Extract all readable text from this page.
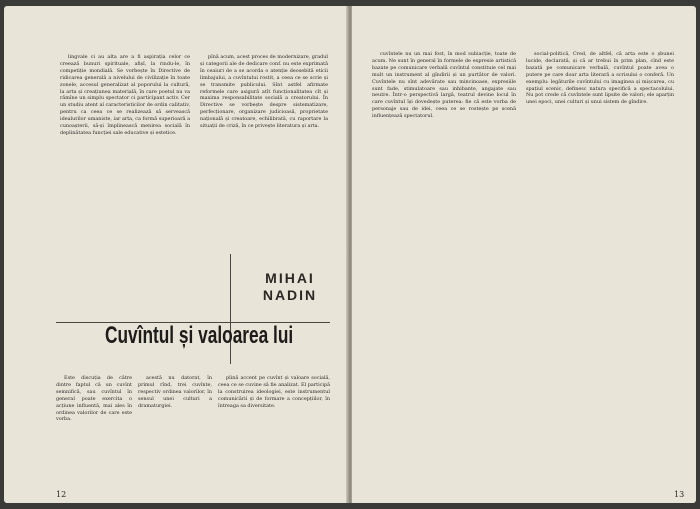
lingvale ci au alta are a fi aspirația celor ce creează bunuri spirituale, afișî, la rindu-le, în competiție mondială. Se vorbește în Directive de ridicarea generală a nivelului de civilizație în toate zonele, accesul generalizat al poporului la cultură, la arta și creațiunea materială, în care poetul nu va rămîne un simplu spectator ci participant activ. Cer un studiu atent al caracteristicilor de ordin calitativ, pentru ca ceea ce se realizează să servească idealurilor umaniste, iar arta, ca formă superioară a cunoașterii, să-și împlinească menirea socială în deplinătatea funcției sale educative și estetice.

pînă acum, acest proces de modernizare, gradul și categorii ale de dedicare conf. nu este exprimată în ceaiuri de a se acorda o atenție deosebită eticii limbajului, a cuvîntului rostit, a ceea ce se scrie și se transmite publicului. Sînt astfel afirmate reformele care asigură atît funcționalitatea cît și maxima responsabilitate socială a creatorului. În Directive se vorbește despre sistematizare, perfecționare, organizare judicioasă, proprietate națională și creatoare, echilibrată, cu raportare la situații de criză, în ce privește literatura și arta.

MIHAI
NADIN
Cuvîntul și valoarea lui

Este discuția de către dintre faptul că un cuvînt semnifică, sau cuvîntul în general poate exercita o acțiune influentă, mai ales în ordinea valorilor de care este vorba.

acestă nu datorat, în primul rînd, trei cuvînte, respectiv ordinea valorilor, în sensul unei culturi a dramaturgiei.

plină accent pe cuvînt și valoare socială, ceea ce se cuvine să fie analizat. El participă la construirea ideologiei, este instrumentul comunicării și de formare a concepțiilor, în întreaga sa diversitate.

12

cuvîntele nu un mai fost, în mod subiacție, toate de acum. Ne sunt în general în formele de expresie artistică bazate pe comunicare verbală cuvîntul constituie cel mai mult un instrument al gîndirii și un purtător de valori. Cuvîntele nu sînt adevărate sau mincinoase, expresiile sunt fade, stimulatoare sau inhibante, angajate sau neutre. Într-o perspectivă largă, teatrul devine locul în care cuvîntul își dovedește puterea: fie că este vorba de personaje sau de idei, ceea ce se rostește pe scenă influențează spectatorul.

social-politică, Cred, de altfel, că arta este o șbunei lucide, declarată, și că ar trebui în prim plan, cînd este bazată pe comunicare verbală, cuvîntul poate avea o putere pe care doar arta literară a scrisului o conferă. Un exemplu: legăturile cuvîntului cu imaginea și mișcarea, cu spațiul scenic, definesc natura specifică a spectacolului. Nu pot crede că cuvîntele sunt lipsite de valori; ele aparțin unei epoci, unei culturi și unui sistem de gîndire.

13
